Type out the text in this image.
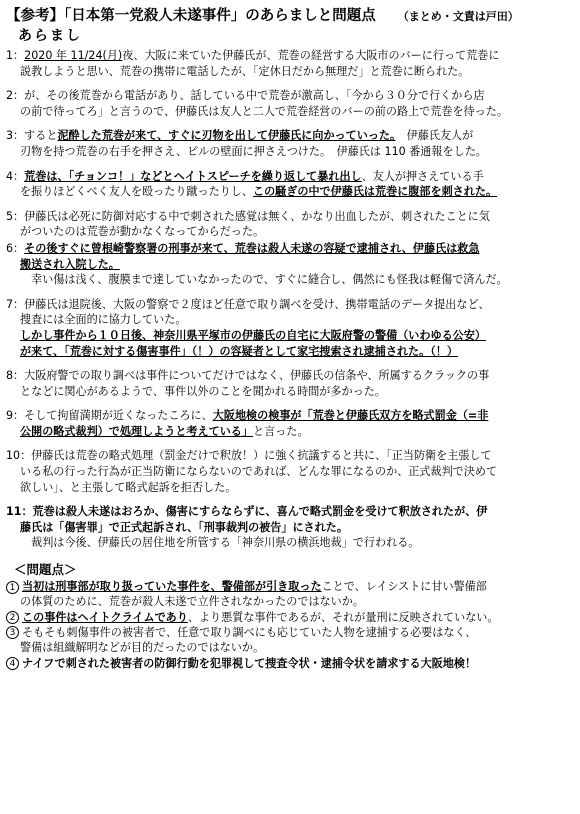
【参考】「日本第一党殺人未遂事件」のあらましと問題点 （まとめ・文責は戸田）
あらまし
1：2020 年 11/24(月)夜、大阪に来ていた伊藤氏が、荒巻の経営する大阪市のバーに行って荒巻に
説教しようと思い、荒巻の携帯に電話したが、「定休日だから無理だ」と荒巻に断られた。
2：が、その後荒巻から電話があり、話している中で荒巻が激高し、「今から３０分で行くから店
の前で待ってろ」と言うので、伊藤氏は友人と二人で荒巻経営のバーの前の路上で荒巻を待った。
3：すると泥酔した荒巻が来て、すぐに刃物を出して伊藤氏に向かっていった。　伊藤氏友人が
刃物を持つ荒巻の右手を押さえ、ビルの壁面に押さえつけた。　伊藤氏は 110 番通報をした。
4：荒巻は、「チョンコ！」などとヘイトスピーチを繰り返して暴れ出し、友人が押さえている手
を振りほどくべく友人を殴ったり蹴ったりし、この騒ぎの中で伊藤氏は荒巻に腹部を刺された。
5：伊藤氏は必死に防御対応する中で刺された感覚は無く、かなり出血したが、刺されたことに気
がついたのは荒巻が動かなくなってからだった。
6：その後すぐに曾根崎警察署の刑事が来て、荒巻は殺人未遂の容疑で逮捕され、伊藤氏は救急
搬送され入院した。
　幸い傷は浅く、腹膜まで達していなかったので、すぐに縫合し、偶然にも怪我は軽傷で済んだ。
7：伊藤氏は退院後、大阪の警察で２度ほど任意で取り調べを受け、携帯電話のデータ提出など、
捜査には全面的に協力していた。
しかし事件から１０日後、神奈川県平塚市の伊藤氏の自宅に大阪府警の警備（いわゆる公安）
が来て、「荒巻に対する傷害事件」（！）の容疑者として家宅捜索され逮捕された。（！）
8：大阪府警での取り調べは事件についてだけではなく、伊藤氏の信条や、所属するクラックの事
となどに関心があるようで、事件以外のことを聞かれる時間が多かった。
9：そして拘留満期が近くなったころに、大阪地検の検事が「荒巻と伊藤氏双方を略式罰金（=非
公開の略式裁判）で処理しようと考えている」と言った。
10：伊藤氏は荒巻の略式処理（罰金だけで釈放！）に強く抗議すると共に、「正当防衛を主張して
いる私の行った行為が正当防衛にならないのであれば、どんな罪になるのか、正式裁判で決めて
欲しい」、と主張して略式起訴を拒否した。
11：荒巻は殺人未遂はおろか、傷害にすらならずに、喜んで略式罰金を受けて釈放されたが、伊
藤氏は「傷害罪」で正式起訴され、「刑事裁判の被告」にされた。
　裁判は今後、伊藤氏の居住地を所管する「神奈川県の横浜地裁」で行われる。
＜問題点＞
1 当初は刑事部が取り扱っていた事件を、警備部が引き取ったことで、レイシストに甘い警備部
の体質のために、荒巻が殺人未遂で立件されなかったのではないか。
2 この事件はヘイトクライムであり、より悪質な事件であるが、それが量刑に反映されていない。
3 そもそも刺傷事件の被害者で、任意で取り調べにも応じていた人物を逮捕する必要はなく、
警備は組織解明などが目的だったのではないか。
4 ナイフで刺された被害者の防御行動を犯罪視して捜査令状・逮捕令状を請求する大阪地検！
